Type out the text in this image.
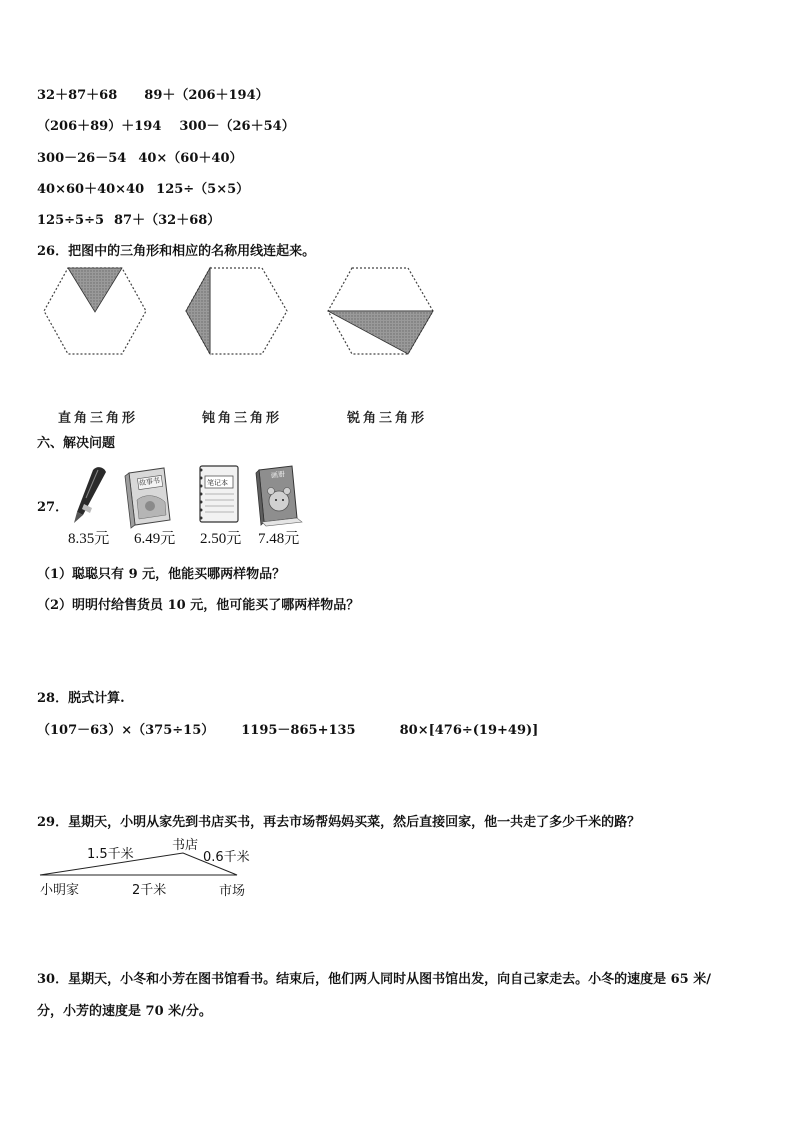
32＋87＋68 89＋（206＋194）
（206＋89）＋194 300－（26＋54）
300－26－54 40×（60＋40）
40×60＋40×40 125÷（5×5）
125÷5÷5 87＋（32＋68）
26．把图中的三角形和相应的名称用线连起来。
直角三角形	钝角三角形	锐角三角形
六、解决问题
27．
故事书	笔记本
画册
8.35元 6.49元 2.50元 7.48元
（1）聪聪只有 9 元，他能买哪两样物品？
（2）明明付给售货员 10 元，他可能买了哪两样物品？
28．脱式计算.
（107－63）×（375÷15） 1195－865+135	80×[476÷(19+49)]
29．星期天，小明从家先到书店买书，再去市场帮妈妈买菜，然后直接回家，他一共走了多少千米的路？
书店
1.5千米	0.6千米
小明家	2千米	市场
30．星期天，小冬和小芳在图书馆看书。结束后，他们两人同时从图书馆出发，向自己家走去。小冬的速度是 65 米/
分，小芳的速度是 70 米/分。
